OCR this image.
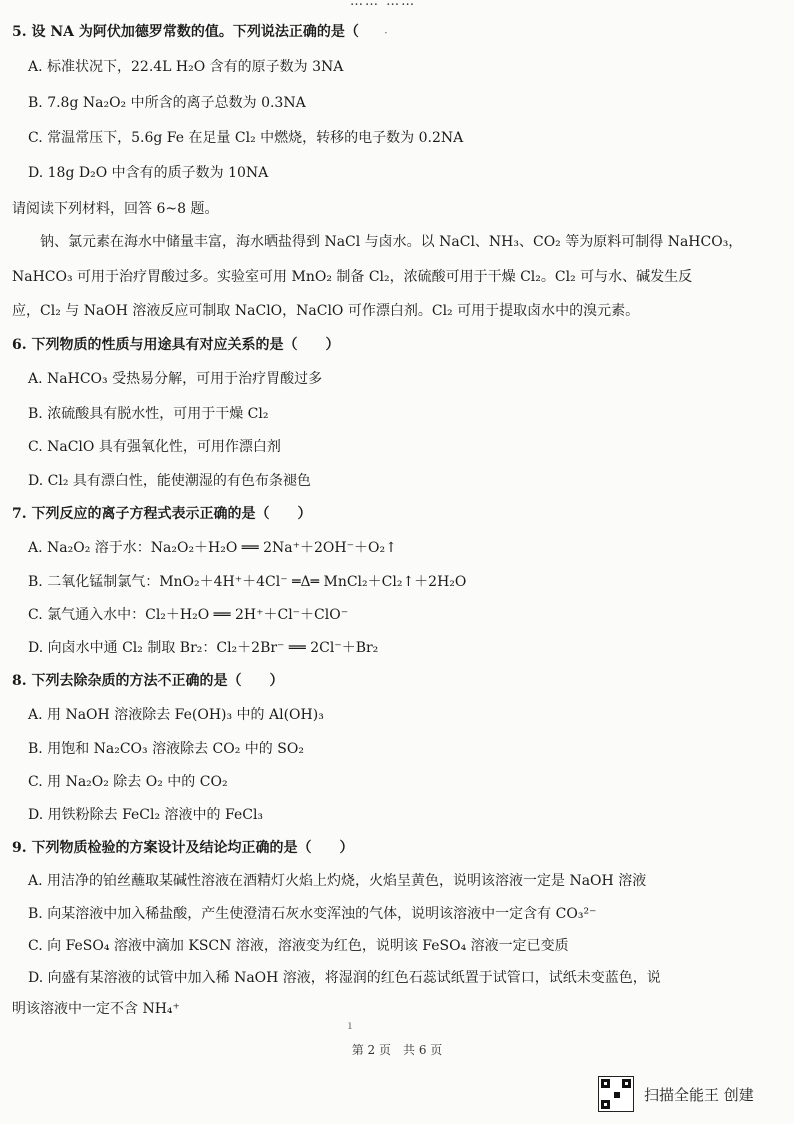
…… ……
5. 设 NA 为阿伏加德罗常数的值。下列说法正确的是（
A. 标准状况下，22.4L H₂O 含有的原子数为 3NA
B. 7.8g Na₂O₂ 中所含的离子总数为 0.3NA
C. 常温常压下，5.6g Fe 在足量 Cl₂ 中燃烧，转移的电子数为 0.2NA
D. 18g D₂O 中含有的质子数为 10NA
请阅读下列材料，回答 6~8 题。
　　钠、氯元素在海水中储量丰富，海水晒盐得到 NaCl 与卤水。以 NaCl、NH₃、CO₂ 等为原料可制得 NaHCO₃，
NaHCO₃ 可用于治疗胃酸过多。实验室可用 MnO₂ 制备 Cl₂，浓硫酸可用于干燥 Cl₂。Cl₂ 可与水、碱发生反
应，Cl₂ 与 NaOH 溶液反应可制取 NaClO，NaClO 可作漂白剂。Cl₂ 可用于提取卤水中的溴元素。
6. 下列物质的性质与用途具有对应关系的是（　　）
A. NaHCO₃ 受热易分解，可用于治疗胃酸过多
B. 浓硫酸具有脱水性，可用于干燥 Cl₂
C. NaClO 具有强氧化性，可用作漂白剂
D. Cl₂ 具有漂白性，能使潮湿的有色布条褪色
7. 下列反应的离子方程式表示正确的是（　　）
A. Na₂O₂ 溶于水：Na₂O₂＋H₂O ══ 2Na⁺＋2OH⁻＋O₂↑
B. 二氧化锰制氯气：MnO₂＋4H⁺＋4Cl⁻ ═Δ═ MnCl₂＋Cl₂↑＋2H₂O
C. 氯气通入水中：Cl₂＋H₂O ══ 2H⁺＋Cl⁻＋ClO⁻
D. 向卤水中通 Cl₂ 制取 Br₂：Cl₂＋2Br⁻ ══ 2Cl⁻＋Br₂
8. 下列去除杂质的方法不正确的是（　　）
A. 用 NaOH 溶液除去 Fe(OH)₃ 中的 Al(OH)₃
B. 用饱和 Na₂CO₃ 溶液除去 CO₂ 中的 SO₂
C. 用 Na₂O₂ 除去 O₂ 中的 CO₂
D. 用铁粉除去 FeCl₂ 溶液中的 FeCl₃
9. 下列物质检验的方案设计及结论均正确的是（　　）
A. 用洁净的铂丝蘸取某碱性溶液在酒精灯火焰上灼烧，火焰呈黄色，说明该溶液一定是 NaOH 溶液
B. 向某溶液中加入稀盐酸，产生使澄清石灰水变浑浊的气体，说明该溶液中一定含有 CO₃²⁻
C. 向 FeSO₄ 溶液中滴加 KSCN 溶液，溶液变为红色，说明该 FeSO₄ 溶液一定已变质
D. 向盛有某溶液的试管中加入稀 NaOH 溶液，将湿润的红色石蕊试纸置于试管口，试纸未变蓝色，说
明该溶液中一定不含 NH₄⁺
·
ı
第 2 页　共 6 页
扫描全能王 创建
